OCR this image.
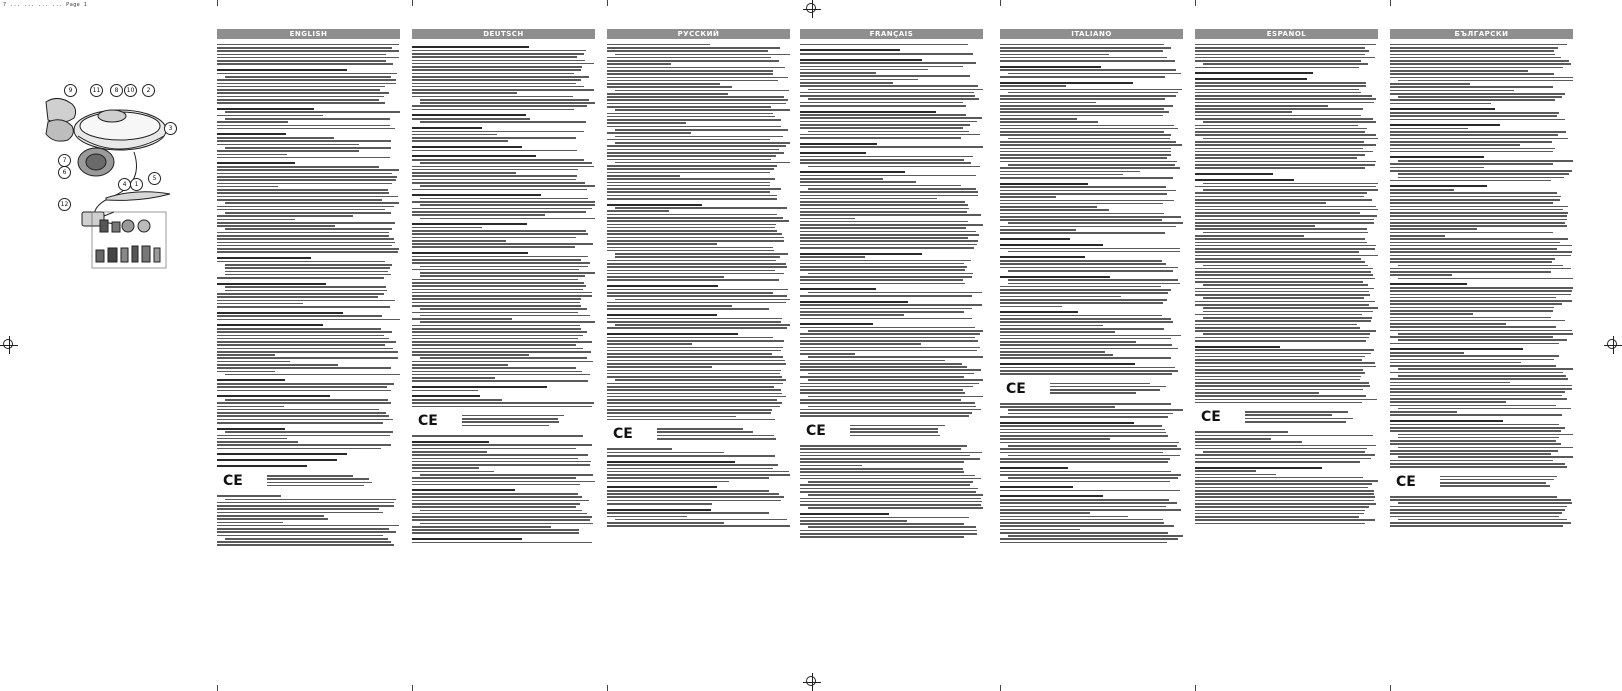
7 ... ... ... ... Page 1
9	11	8	10	2
3
7
6
4	1
5
12
ENGLISH
CE
DEUTSCH
CE
РУССКИЙ
CE
FRANÇAIS
CE
ITALIANO
CE
ESPAÑOL
CE
БЪЛГАРСКИ
CE
